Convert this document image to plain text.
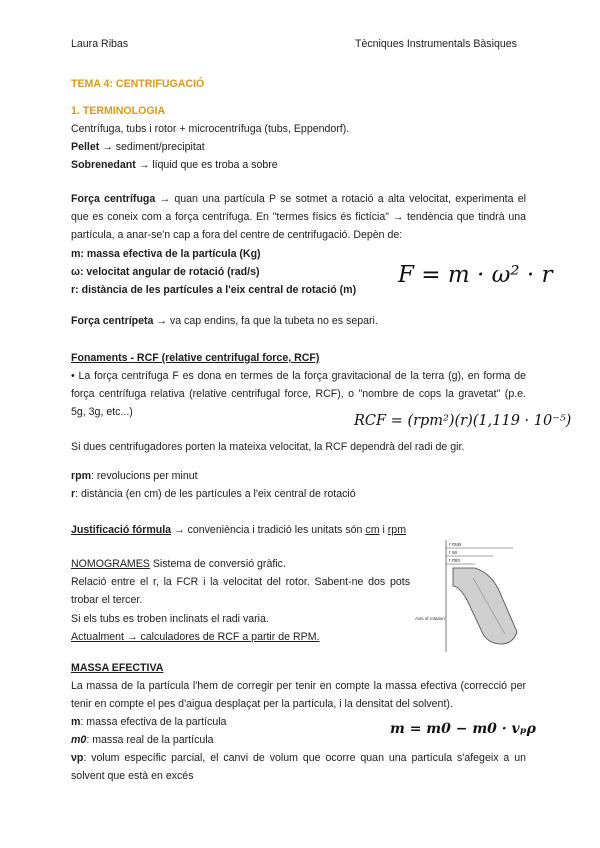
Laura Ribas	Tècniques Instrumentals Bàsiques
TEMA 4: CENTRIFUGACIÓ
1. TERMINOLOGIA
Centrífuga, tubs i rotor + microcentrífuga (tubs, Eppendorf).
Pellet → sediment/precipitat
Sobrenedant → líquid que es troba a sobre
Força centrífuga → quan una partícula P se sotmet a rotació a alta velocitat, experimenta el
que es coneix com a força centrífuga. En "termes físics és fictícia" → tendència que tindrà una
partícula, a anar-se'n cap a fora del centre de centrifugació. Depèn de:
m: massa efectiva de la partícula (Kg)
ω: velocitat angular de rotació (rad/s)
r: distància de les partícules a l'eix central de rotació (m)
F = m · ω² · r
Força centrípeta → va cap endins, fa que la tubeta no es separi.
Fonaments - RCF (relative centrifugal force, RCF)
• La força centrífuga F es dona en termes de la força gravitacional de la terra (g), en forma de
força centrífuga relativa (relative centrifugal force, RCF), o "nombre de cops la gravetat" (p.e.
5g, 3g, etc...)
RCF = (rpm²)(r)(1,119 · 10⁻⁵)
Si dues centrifugadores porten la mateixa velocitat, la RCF dependrà del radi de gir.
rpm: revolucions per minut
r: distància (en cm) de les partícules a l'eix central de rotació
Justificació fórmula → conveniència i tradició les unitats són cm i rpm
NOMOGRAMES Sistema de conversió gràfic.
Relació entre el r, la FCR i la velocitat del rotor. Sabent-ne dos pots
trobar el tercer.
Si els tubs es troben inclinats el radi varia.
Actualment → calculadores de RCF a partir de RPM.
r min
r av
r max
Axis of rotation
MASSA EFECTIVA
La massa de la partícula l'hem de corregir per tenir en compte la massa efectiva (correcció per
tenir en compte el pes d'aigua desplaçat per la partícula, i la densitat del solvent).
m: massa efectiva de la partícula
m0: massa real de la partícula
m = m0 − m0 · vₚρ
νp: volum específic parcial, el canvi de volum que ocorre quan una partícula s'afegeix a un
solvent que està en excés
